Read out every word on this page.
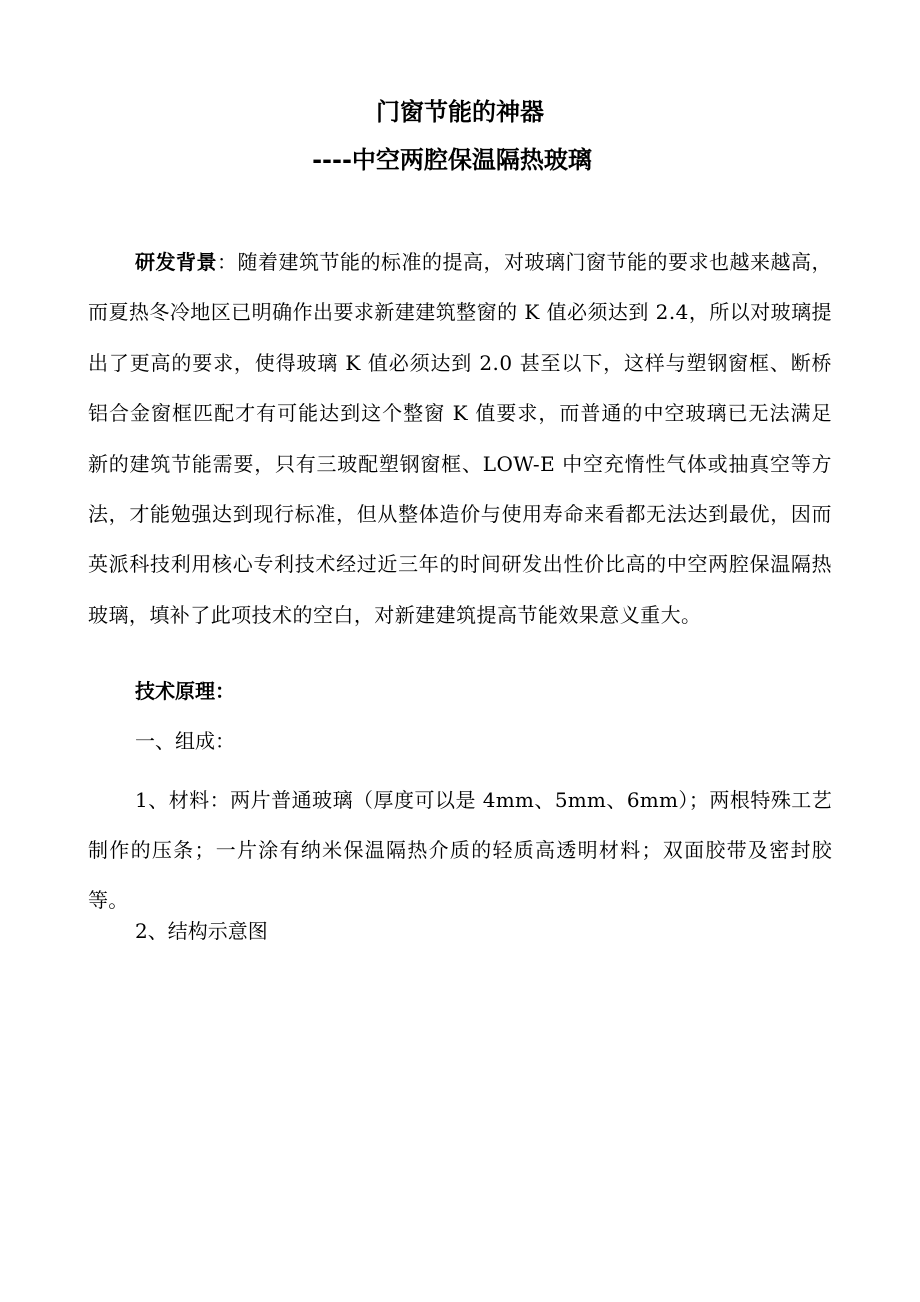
门窗节能的神器
----中空两腔保温隔热玻璃

研发背景：随着建筑节能的标准的提高，对玻璃门窗节能的要求也越来越高，而夏热冬冷地区已明确作出要求新建建筑整窗的 K 值必须达到 2.4，所以对玻璃提出了更高的要求，使得玻璃 K 值必须达到 2.0 甚至以下，这样与塑钢窗框、断桥铝合金窗框匹配才有可能达到这个整窗 K 值要求，而普通的中空玻璃已无法满足新的建筑节能需要，只有三玻配塑钢窗框、LOW-E 中空充惰性气体或抽真空等方法，才能勉强达到现行标准，但从整体造价与使用寿命来看都无法达到最优，因而英派科技利用核心专利技术经过近三年的时间研发出性价比高的中空两腔保温隔热玻璃，填补了此项技术的空白，对新建建筑提高节能效果意义重大。

技术原理：

一、组成：

1、材料：两片普通玻璃（厚度可以是 4mm、5mm、6mm）；两根特殊工艺制作的压条；一片涂有纳米保温隔热介质的轻质高透明材料；双面胶带及密封胶等。

2、结构示意图
